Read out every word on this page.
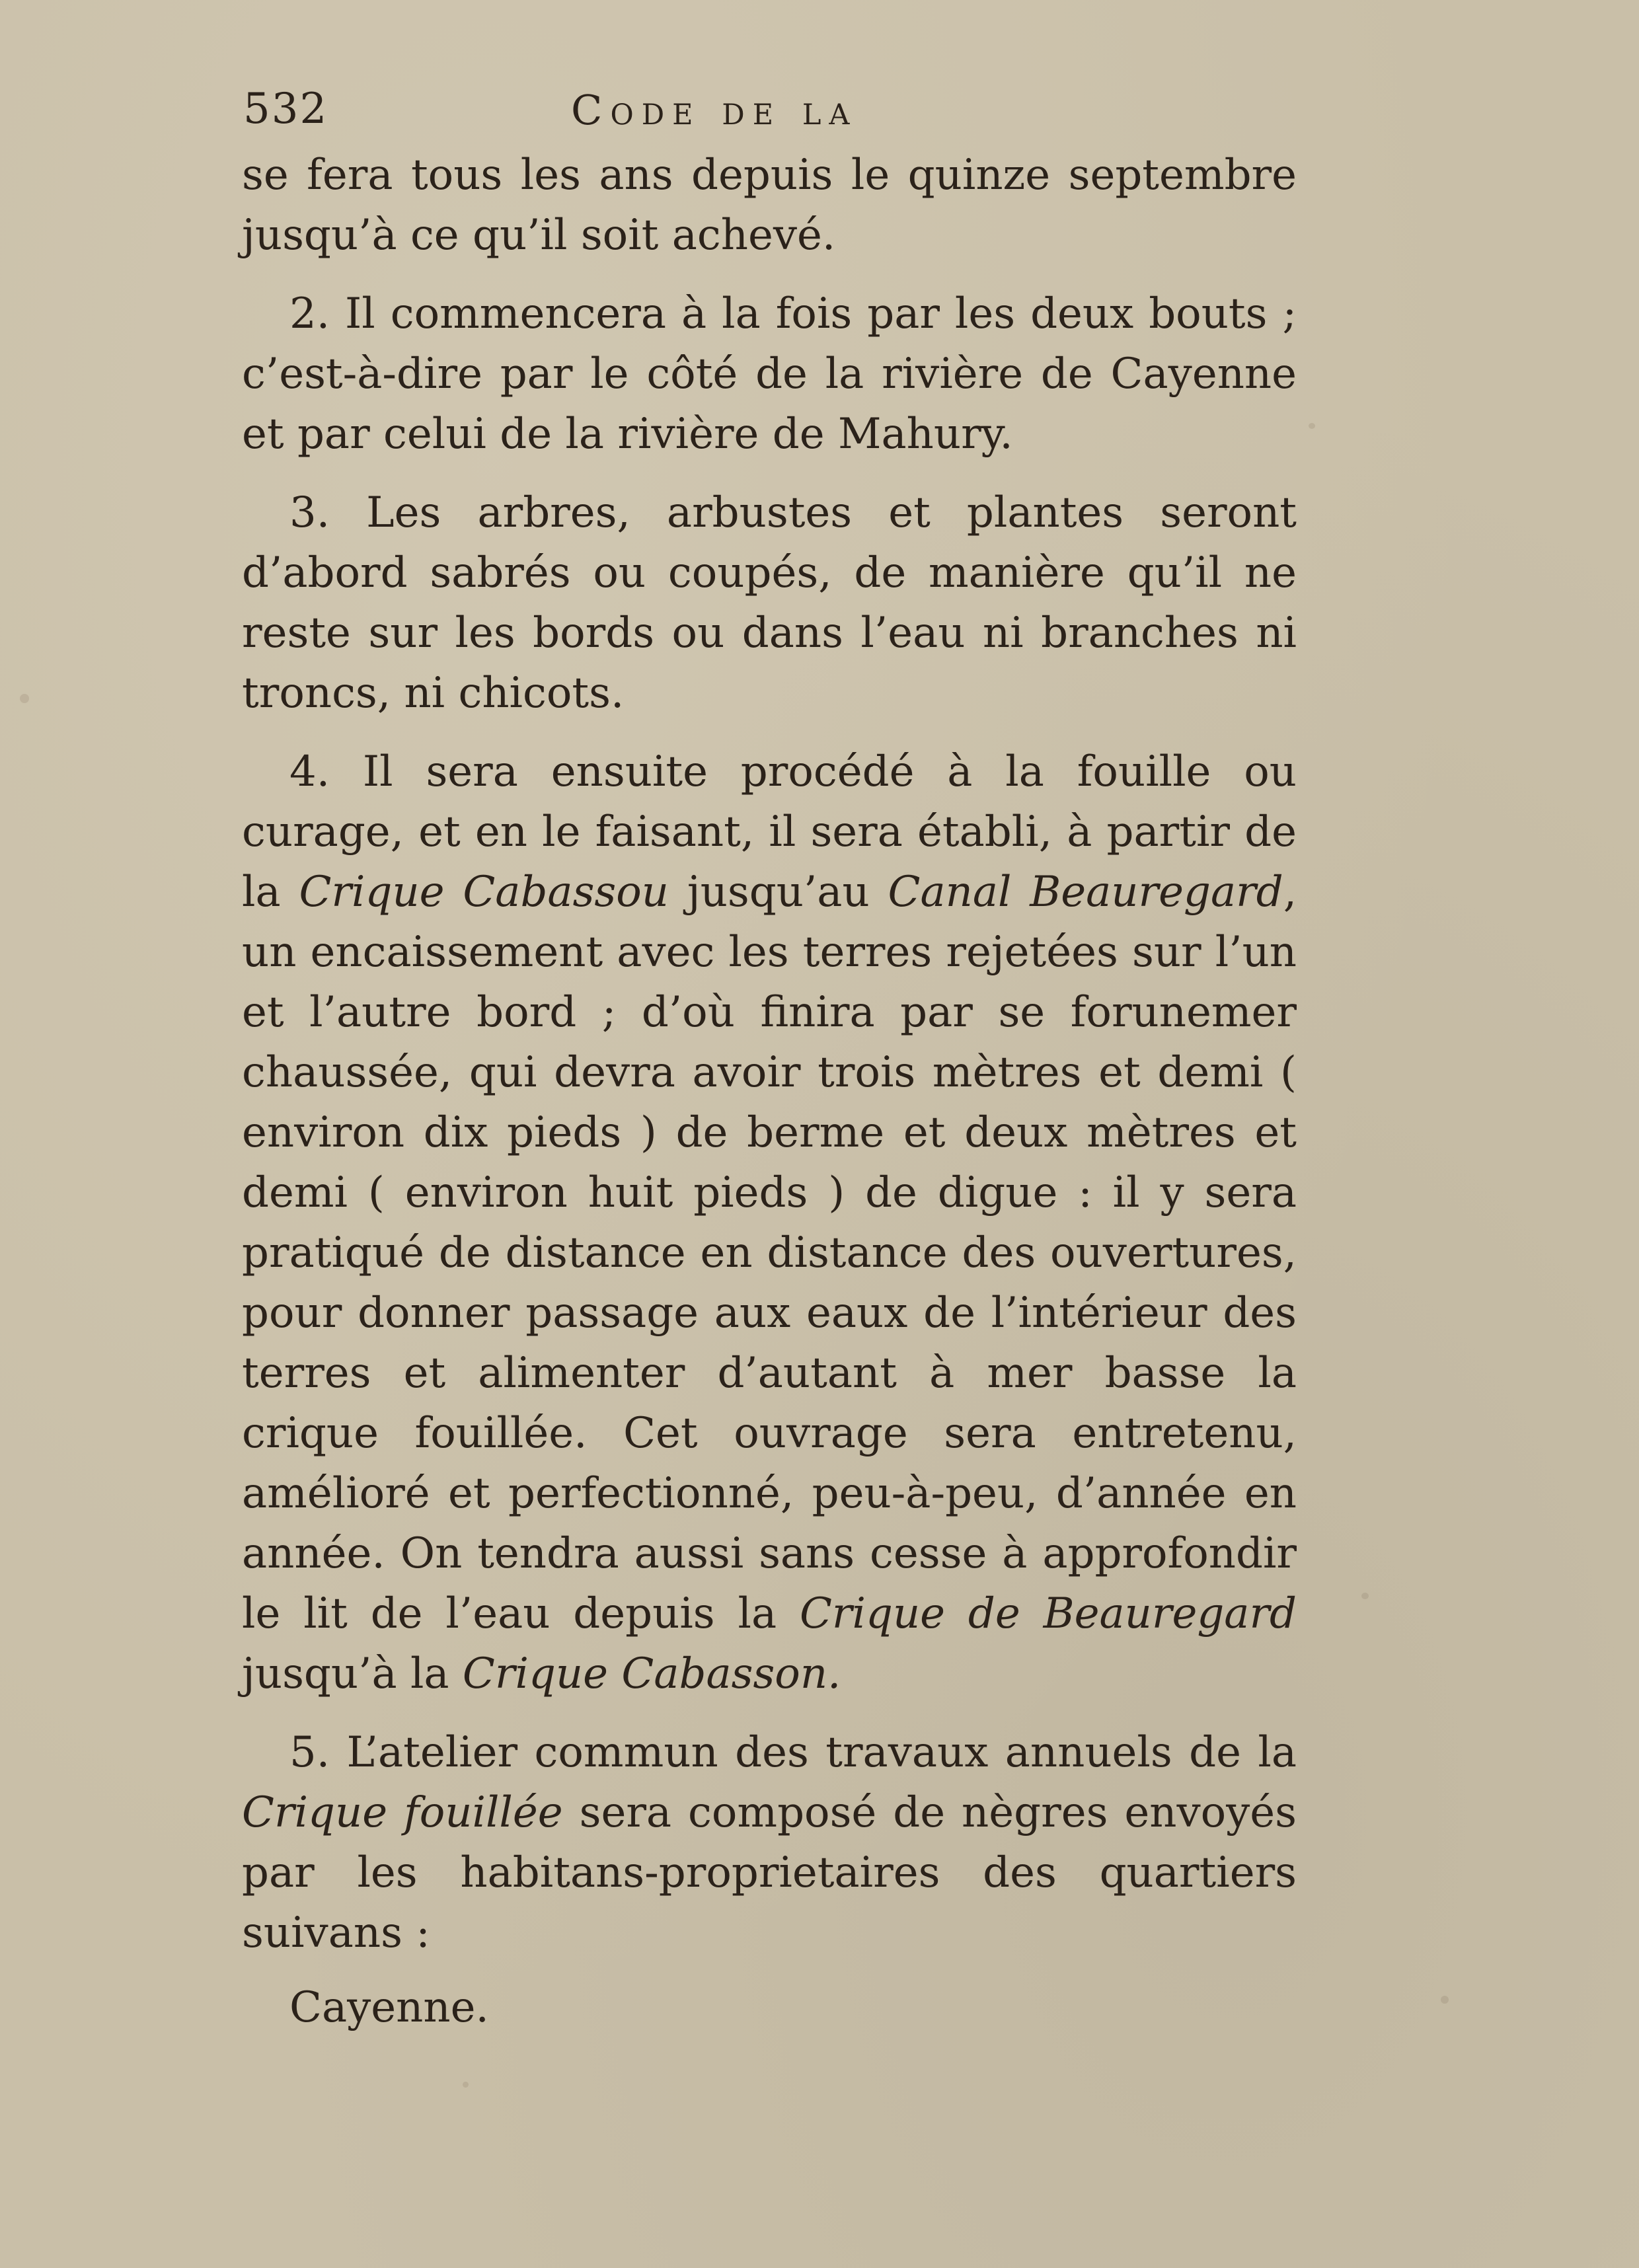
532	Code de la

se fera tous les ans depuis le quinze septembre jusqu’à ce qu’il soit achevé.

2. Il commencera à la fois par les deux bouts ; c’est-à-dire par le côté de la rivière de Cayenne et par celui de la rivière de Mahury.

3. Les arbres, arbustes et plantes seront d’abord sabrés ou coupés, de manière qu’il ne reste sur les bords ou dans l’eau ni branches ni troncs, ni chicots.

4. Il sera ensuite procédé à la fouille ou curage, et en le faisant, il sera établi, à partir de la Crique Cabassou jusqu’au Canal Beauregard, un encaissement avec les terres rejetées sur l’un et l’autre bord ; d’où finira par se forunemer chaussée, qui devra avoir trois mètres et demi ( environ dix pieds ) de berme et deux mètres et demi ( environ huit pieds ) de digue : il y sera pratiqué de distance en distance des ouvertures, pour donner passage aux eaux de l’intérieur des terres et alimenter d’autant à mer basse la crique fouillée. Cet ouvrage sera entretenu, amélioré et perfectionné, peu-à-peu, d’année en année. On tendra aussi sans cesse à approfondir le lit de l’eau depuis la Crique de Beauregard jusqu’à la Crique Cabasson.

5. L’atelier commun des travaux annuels de la Crique fouillée sera composé de nègres envoyés par les habitans-proprietaires des quartiers suivans :

Cayenne.
